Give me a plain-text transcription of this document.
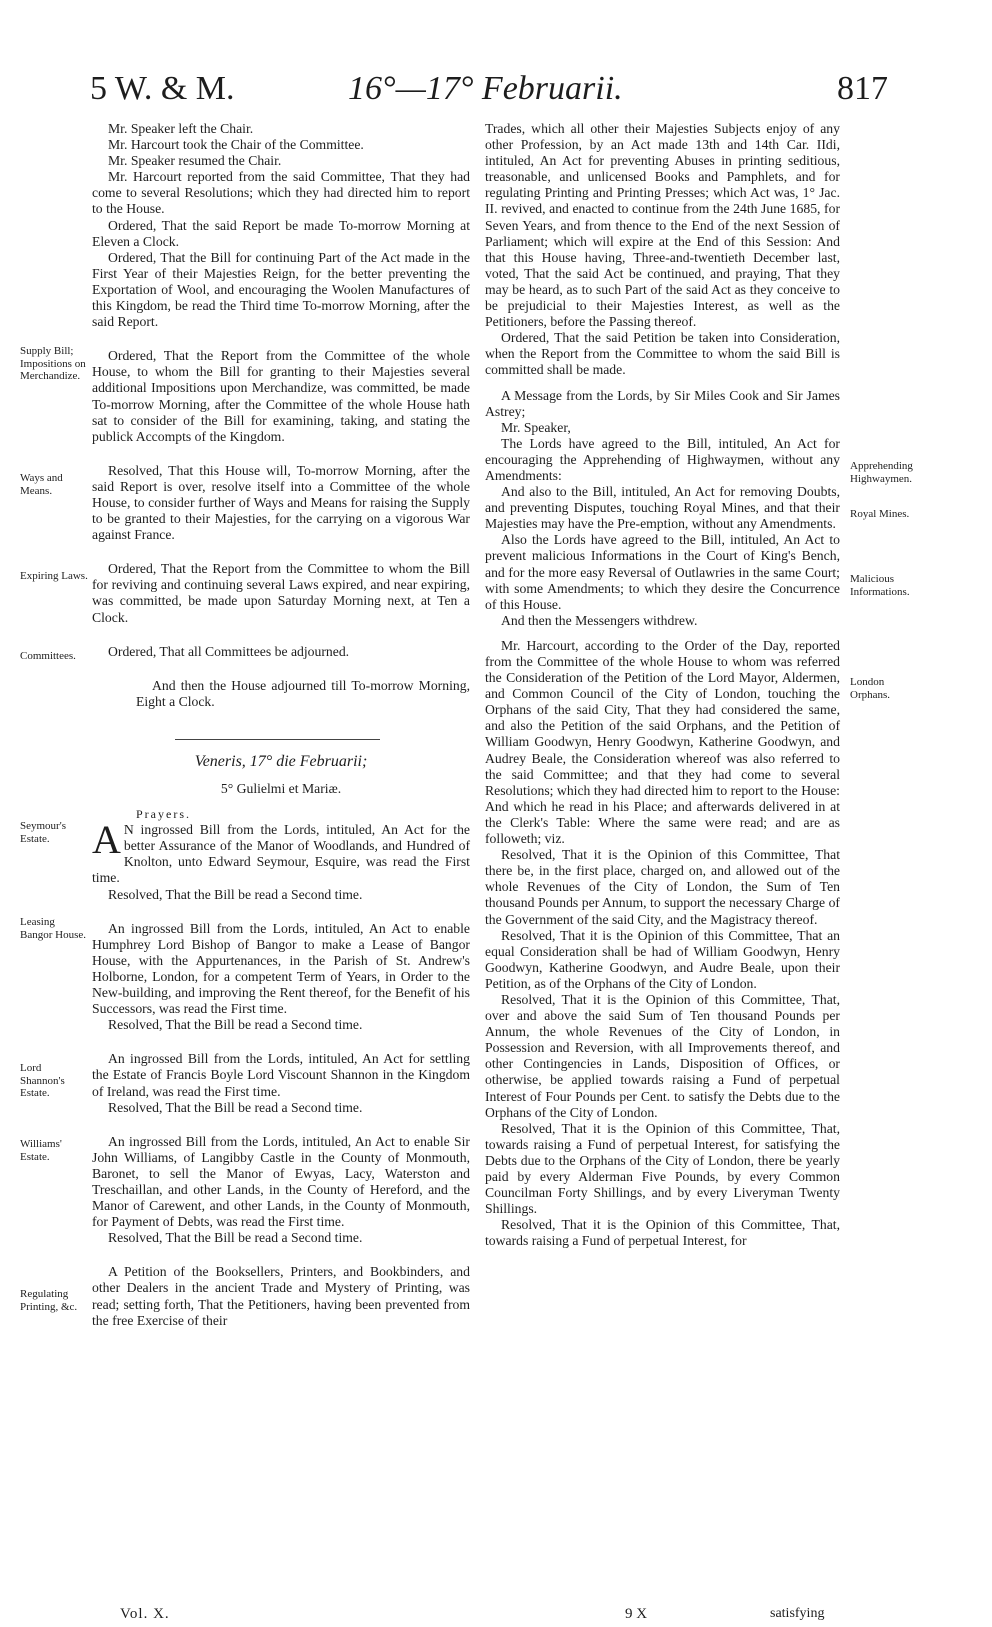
5 W. & M.	16°—17° Februarii.	817

Mr. Speaker left the Chair.

Mr. Harcourt took the Chair of the Committee.

Mr. Speaker resumed the Chair.

Mr. Harcourt reported from the said Committee, That they had come to several Resolutions; which they had directed him to report to the House.

Ordered, That the said Report be made To-morrow Morning at Eleven a Clock.

Ordered, That the Bill for continuing Part of the Act made in the First Year of their Majesties Reign, for the better preventing the Exportation of Wool, and encouraging the Woolen Manufactures of this Kingdom, be read the Third time To-morrow Morning, after the said Report.

Ordered, That the Report from the Committee of the whole House, to whom the Bill for granting to their Majesties several additional Impositions upon Merchandize, was committed, be made To-morrow Morning, after the Committee of the whole House hath sat to consider of the Bill for examining, taking, and stating the publick Accompts of the Kingdom.

Resolved, That this House will, To-morrow Morning, after the said Report is over, resolve itself into a Committee of the whole House, to consider further of Ways and Means for raising the Supply to be granted to their Majesties, for the carrying on a vigorous War against France.

Ordered, That the Report from the Committee to whom the Bill for reviving and continuing several Laws expired, and near expiring, was committed, be made upon Saturday Morning next, at Ten a Clock.

Ordered, That all Committees be adjourned.

And then the House adjourned till To-morrow Morning, Eight a Clock.

Veneris, 17° die Februarii;

5° Gulielmi et Mariæ.

Prayers.

A N ingrossed Bill from the Lords, intituled, An Act for the better Assurance of the Manor of Woodlands, and Hundred of Knolton, unto Edward Seymour, Esquire, was read the First time.

Resolved, That the Bill be read a Second time.

An ingrossed Bill from the Lords, intituled, An Act to enable Humphrey Lord Bishop of Bangor to make a Lease of Bangor House, with the Appurtenances, in the Parish of St. Andrew's Holborne, London, for a competent Term of Years, in Order to the New-building, and improving the Rent thereof, for the Benefit of his Successors, was read the First time.

Resolved, That the Bill be read a Second time.

An ingrossed Bill from the Lords, intituled, An Act for settling the Estate of Francis Boyle Lord Viscount Shannon in the Kingdom of Ireland, was read the First time.

Resolved, That the Bill be read a Second time.

An ingrossed Bill from the Lords, intituled, An Act to enable Sir John Williams, of Langibby Castle in the County of Monmouth, Baronet, to sell the Manor of Ewyas, Lacy, Waterston and Treschaillan, and other Lands, in the County of Hereford, and the Manor of Carewent, and other Lands, in the County of Monmouth, for Payment of Debts, was read the First time.

Resolved, That the Bill be read a Second time.

A Petition of the Booksellers, Printers, and Bookbinders, and other Dealers in the ancient Trade and Mystery of Printing, was read; setting forth, That the Petitioners, having been prevented from the free Exercise of their

Trades, which all other their Majesties Subjects enjoy of any other Profession, by an Act made 13th and 14th Car. IIdi, intituled, An Act for preventing Abuses in printing seditious, treasonable, and unlicensed Books and Pamphlets, and for regulating Printing and Printing Presses; which Act was, 1° Jac. II. revived, and enacted to continue from the 24th June 1685, for Seven Years, and from thence to the End of the next Session of Parliament; which will expire at the End of this Session: And that this House having, Three-and-twentieth December last, voted, That the said Act be continued, and praying, That they may be heard, as to such Part of the said Act as they conceive to be prejudicial to their Majesties Interest, as well as the Petitioners, before the Passing thereof.

Ordered, That the said Petition be taken into Consideration, when the Report from the Committee to whom the said Bill is committed shall be made.

A Message from the Lords, by Sir Miles Cook and Sir James Astrey;

Mr. Speaker,

The Lords have agreed to the Bill, intituled, An Act for encouraging the Apprehending of Highwaymen, without any Amendments:

And also to the Bill, intituled, An Act for removing Doubts, and preventing Disputes, touching Royal Mines, and that their Majesties may have the Pre-emption, without any Amendments.

Also the Lords have agreed to the Bill, intituled, An Act to prevent malicious Informations in the Court of King's Bench, and for the more easy Reversal of Outlawries in the same Court; with some Amendments; to which they desire the Concurrence of this House.

And then the Messengers withdrew.

Mr. Harcourt, according to the Order of the Day, reported from the Committee of the whole House to whom was referred the Consideration of the Petition of the Lord Mayor, Aldermen, and Common Council of the City of London, touching the Orphans of the said City, That they had considered the same, and also the Petition of the said Orphans, and the Petition of William Goodwyn, Henry Goodwyn, Katherine Goodwyn, and Audrey Beale, the Consideration whereof was also referred to the said Committee; and that they had come to several Resolutions; which they had directed him to report to the House: And which he read in his Place; and afterwards delivered in at the Clerk's Table: Where the same were read; and are as followeth; viz.

Resolved, That it is the Opinion of this Committee, That there be, in the first place, charged on, and allowed out of the whole Revenues of the City of London, the Sum of Ten thousand Pounds per Annum, to support the necessary Charge of the Government of the said City, and the Magistracy thereof.

Resolved, That it is the Opinion of this Committee, That an equal Consideration shall be had of William Goodwyn, Henry Goodwyn, Katherine Goodwyn, and Audre Beale, upon their Petition, as of the Orphans of the City of London.

Resolved, That it is the Opinion of this Committee, That, over and above the said Sum of Ten thousand Pounds per Annum, the whole Revenues of the City of London, in Possession and Reversion, with all Improvements thereof, and other Contingencies in Lands, Disposition of Offices, or otherwise, be applied towards raising a Fund of perpetual Interest of Four Pounds per Cent. to satisfy the Debts due to the Orphans of the City of London.

Resolved, That it is the Opinion of this Committee, That, towards raising a Fund of perpetual Interest, for satisfying the Debts due to the Orphans of the City of London, there be yearly paid by every Alderman Five Pounds, by every Common Councilman Forty Shillings, and by every Liveryman Twenty Shillings.

Resolved, That it is the Opinion of this Committee, That, towards raising a Fund of perpetual Interest, for

Supply Bill; Impositions on Merchandize.
Ways and Means.
Expiring Laws.
Committees.
Seymour's Estate.
Leasing Bangor House.
Lord Shannon's Estate.
Williams' Estate.
Regulating Printing, &c.
Apprehending Highwaymen.
Royal Mines.
Malicious Informations.
London Orphans.
Vol. X.	9 X	satisfying
